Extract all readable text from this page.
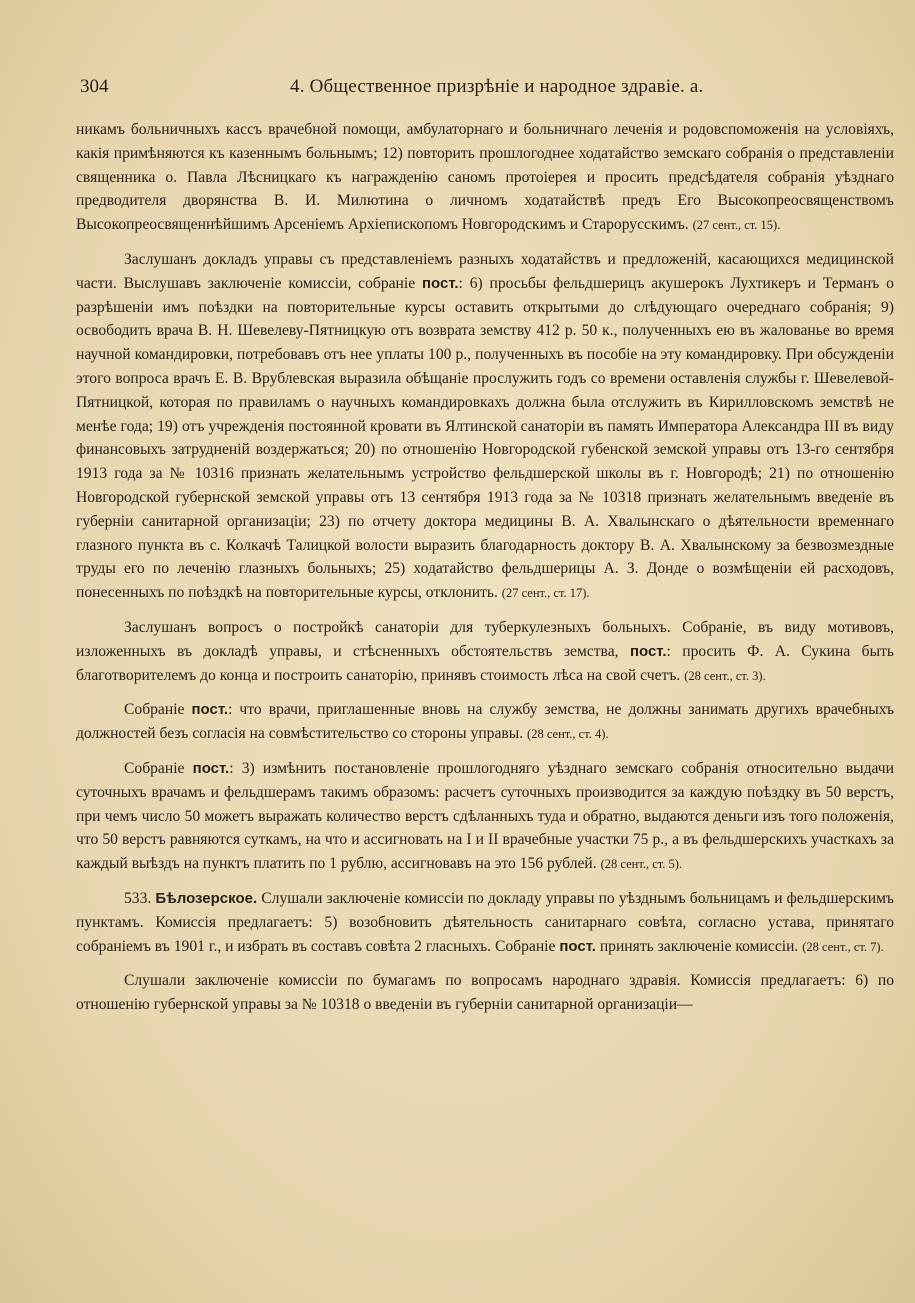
304	4. Общественное призрѣніе и народное здравіе. а.

никамъ больничныхъ кассъ врачебной помощи, амбулаторнаго и больничнаго леченія и родовспоможенія на условіяхъ, какія примѣняются къ казеннымъ больнымъ; 12) повторить прошлогоднее ходатайство земскаго собранія о представленіи священника о. Павла Лѣсницкаго къ награжденію саномъ протоіерея и просить предсѣдателя собранія уѣзднаго предводителя дворянства В. И. Милютина о личномъ ходатайствѣ предъ Его Высокопреосвященствомъ Высокопреосвященнѣйшимъ Арсеніемъ Архіепископомъ Новгородскимъ и Старорусскимъ. (27 сент., ст. 15).

Заслушанъ докладъ управы съ представленіемъ разныхъ ходатайствъ и предложеній, касающихся медицинской части. Выслушавъ заключеніе комиссіи, собраніе пост.: 6) просьбы фельдшерицъ акушерокъ Лухтикеръ и Терманъ о разрѣшеніи имъ поѣздки на повторительные курсы оставить открытыми до слѣдующаго очереднаго собранія; 9) освободить врача В. Н. Шевелеву-Пятницкую отъ возврата земству 412 р. 50 к., полученныхъ ею въ жалованье во время научной командировки, потребовавъ отъ нее уплаты 100 р., полученныхъ въ пособіе на эту командировку. При обсужденіи этого вопроса врачъ Е. В. Врублевская выразила обѣщаніе прослужить годъ со времени оставленія службы г. Шевелевой-Пятницкой, которая по правиламъ о научныхъ командировкахъ должна была отслужить въ Кирилловскомъ земствѣ не менѣе года; 19) отъ учрежденія постоянной кровати въ Ялтинской санаторіи въ память Императора Александра III въ виду финансовыхъ затрудненій воздержаться; 20) по отношенію Новгородской губенской земской управы отъ 13-го сентября 1913 года за № 10316 признать желательнымъ устройство фельдшерской школы въ г. Новгородѣ; 21) по отношенію Новгородской губернской земской управы отъ 13 сентября 1913 года за № 10318 признать желательнымъ введеніе въ губерніи санитарной организаціи; 23) по отчету доктора медицины В. А. Хвалынскаго о дѣятельности временнаго глазного пункта въ с. Колкачѣ Талицкой волости выразить благодарность доктору В. А. Хвалынскому за безвозмездные труды его по леченію глазныхъ больныхъ; 25) ходатайство фельдшерицы А. З. Донде о возмѣщеніи ей расходовъ, понесенныхъ по поѣздкѣ на повторительные курсы, отклонить. (27 сент., ст. 17).

Заслушанъ вопросъ о постройкѣ санаторіи для туберкулезныхъ больныхъ. Собраніе, въ виду мотивовъ, изложенныхъ въ докладѣ управы, и стѣсненныхъ обстоятельствъ земства, пост.: просить Ф. А. Сукина быть благотворителемъ до конца и построить санаторію, принявъ стоимость лѣса на свой счетъ. (28 сент., ст. 3).

Собраніе пост.: что врачи, приглашенные вновь на службу земства, не должны занимать другихъ врачебныхъ должностей безъ согласія на совмѣстительство со стороны управы. (28 сент., ст. 4).

Собраніе пост.: 3) измѣнить постановленіе прошлогодняго уѣзднаго земскаго собранія относительно выдачи суточныхъ врачамъ и фельдшерамъ такимъ образомъ: расчетъ суточныхъ производится за каждую поѣздку въ 50 верстъ, при чемъ число 50 можетъ выражать количество верстъ сдѣланныхъ туда и обратно, выдаются деньги изъ того положенія, что 50 верстъ равняются суткамъ, на что и ассигновать на I и II врачебные участки 75 р., а въ фельдшерскихъ участкахъ за каждый выѣздъ на пунктъ платить по 1 рублю, ассигновавъ на это 156 рублей. (28 сент., ст. 5).

533. Бѣлозерское. Слушали заключеніе комиссіи по докладу управы по уѣзднымъ больницамъ и фельдшерскимъ пунктамъ. Комиссія предлагаетъ: 5) возобновить дѣятельность санитарнаго совѣта, согласно устава, принятаго собраніемъ въ 1901 г., и избрать въ составъ совѣта 2 гласныхъ. Собраніе пост. принять заключеніе комиссіи. (28 сент., ст. 7).

Слушали заключеніе комиссіи по бумагамъ по вопросамъ народнаго здравія. Комиссія предлагаетъ: 6) по отношенію губернской управы за № 10318 о введеніи въ губерніи санитарной организаціи—
